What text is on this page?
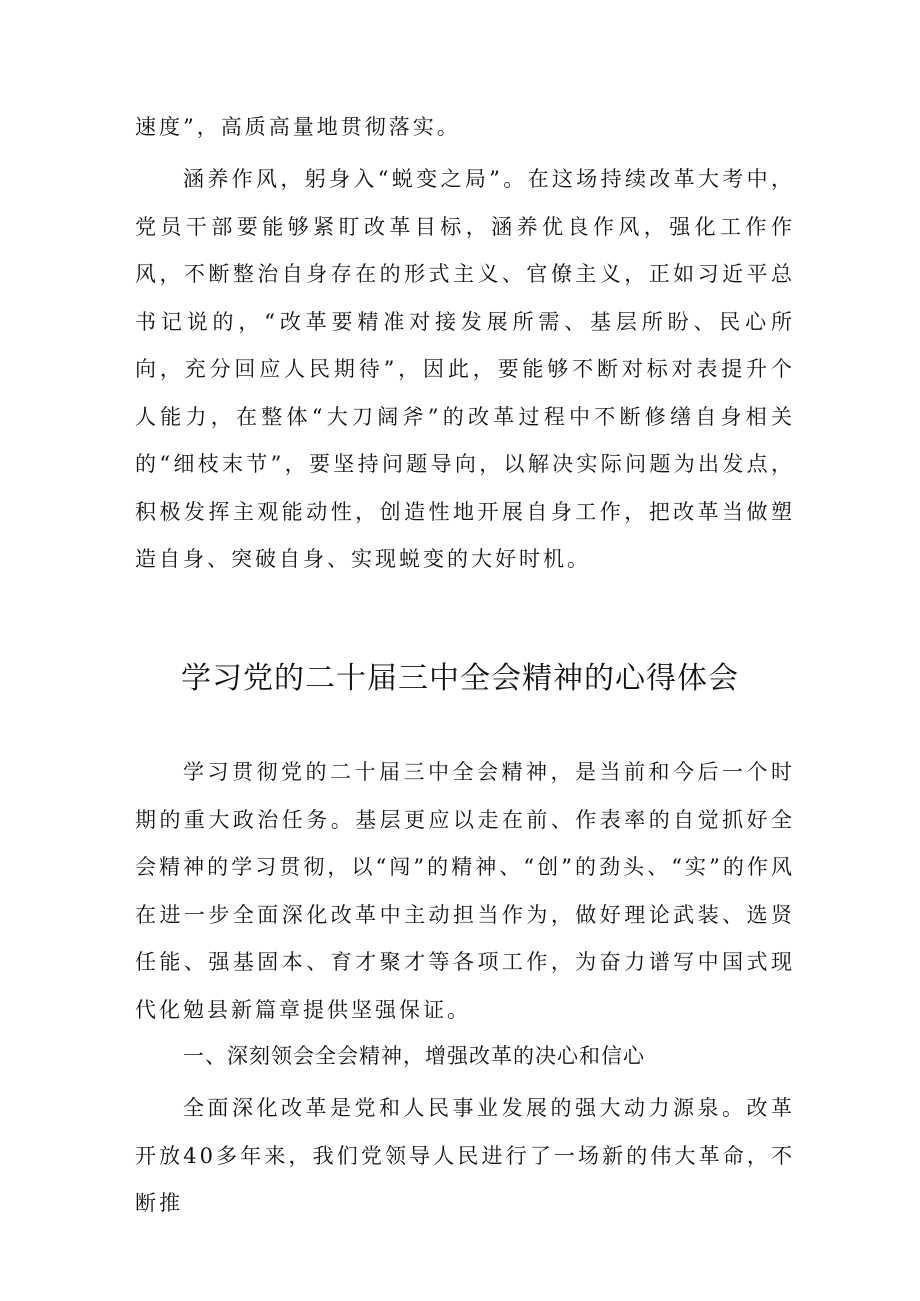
速度”，高质高量地贯彻落实。

涵养作风，躬身入“蜕变之局”。在这场持续改革大考中，党员干部要能够紧盯改革目标，涵养优良作风，强化工作作风，不断整治自身存在的形式主义、官僚主义，正如习近平总书记说的，“改革要精准对接发展所需、基层所盼、民心所向，充分回应人民期待”，因此，要能够不断对标对表提升个人能力，在整体“大刀阔斧”的改革过程中不断修缮自身相关的“细枝末节”，要坚持问题导向，以解决实际问题为出发点，积极发挥主观能动性，创造性地开展自身工作，把改革当做塑造自身、突破自身、实现蜕变的大好时机。

学习党的二十届三中全会精神的心得体会

学习贯彻党的二十届三中全会精神，是当前和今后一个时期的重大政治任务。基层更应以走在前、作表率的自觉抓好全会精神的学习贯彻，以“闯”的精神、“创”的劲头、“实”的作风在进一步全面深化改革中主动担当作为，做好理论武装、选贤任能、强基固本、育才聚才等各项工作，为奋力谱写中国式现代化勉县新篇章提供坚强保证。

一、深刻领会全会精神，增强改革的决心和信心

全面深化改革是党和人民事业发展的强大动力源泉。改革开放40多年来，我们党领导人民进行了一场新的伟大革命，不断推
